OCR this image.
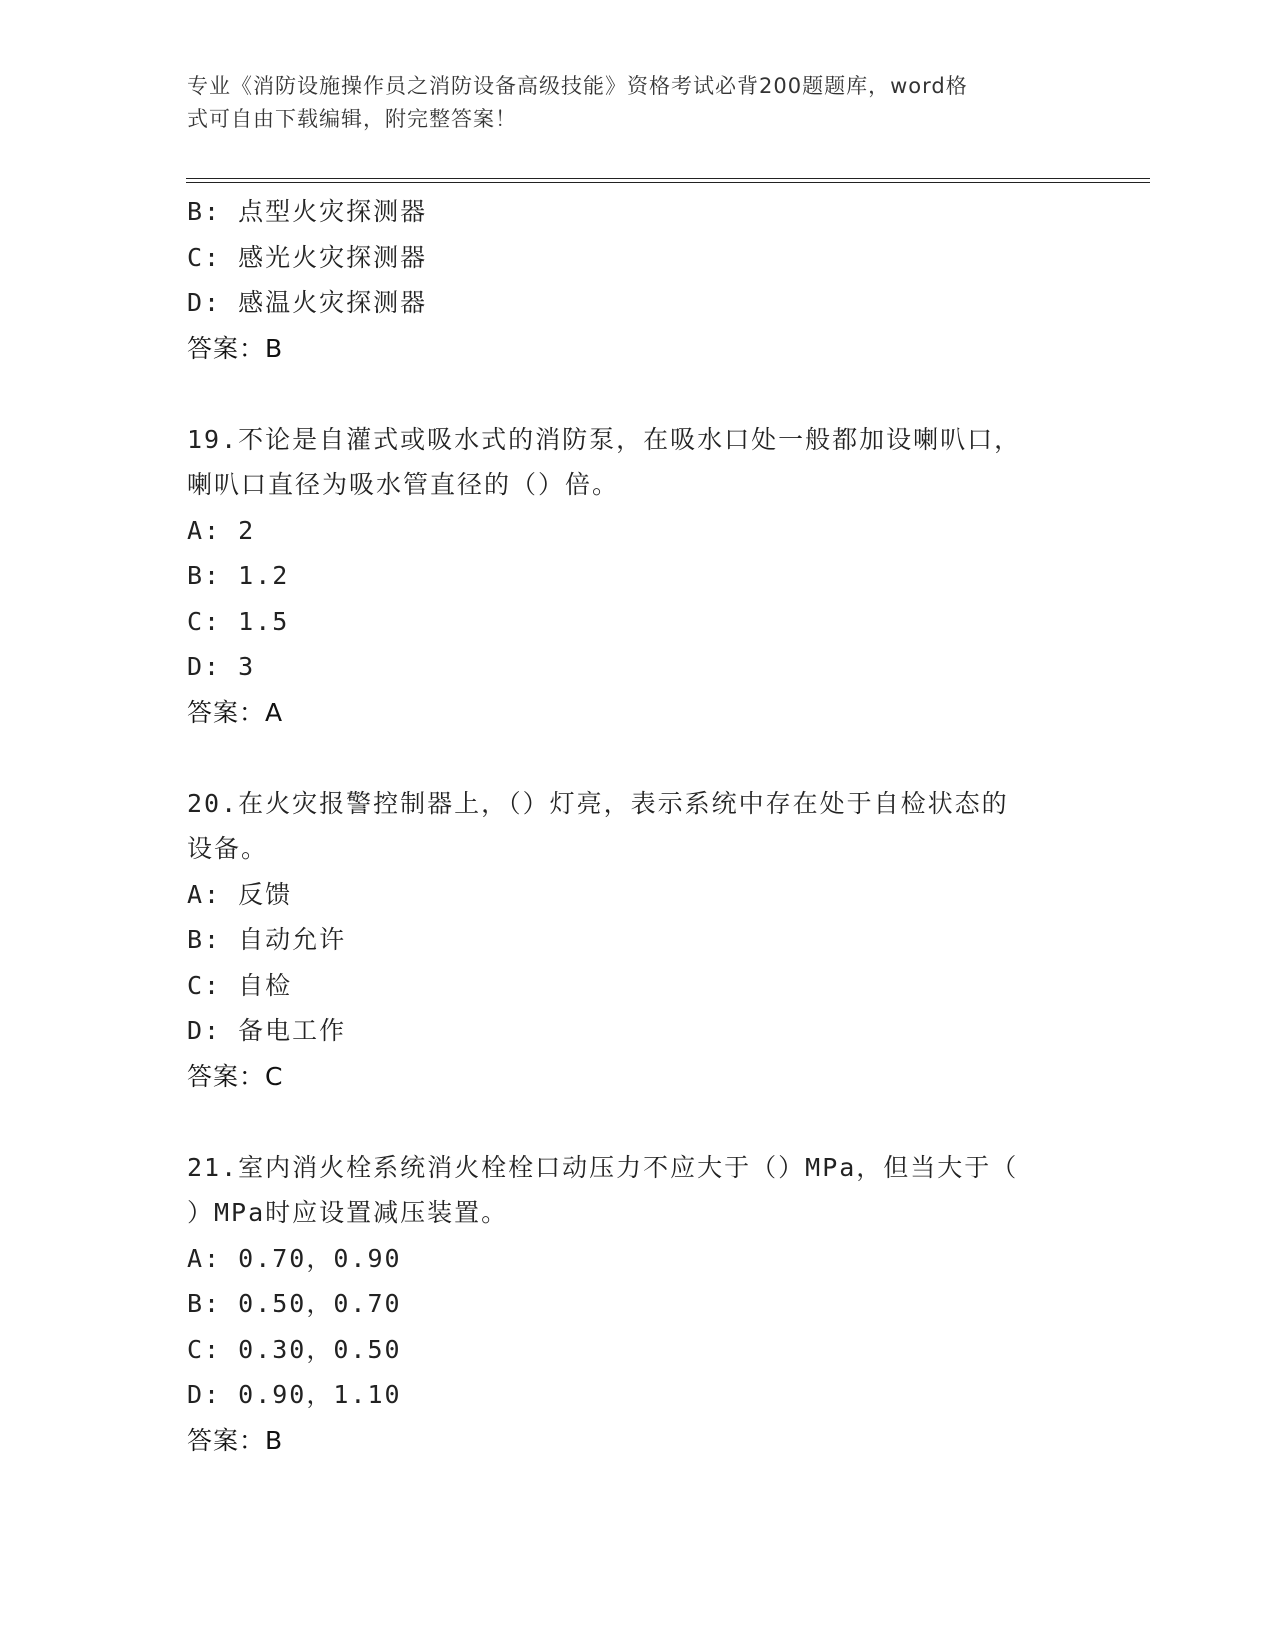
专业《消防设施操作员之消防设备高级技能》资格考试必背200题题库，word格
式可自由下载编辑，附完整答案！
B: 点型火灾探测器
C: 感光火灾探测器
D: 感温火灾探测器
答案：B
19.不论是自灌式或吸水式的消防泵，在吸水口处一般都加设喇叭口，
喇叭口直径为吸水管直径的（）倍。
A: 2
B: 1.2
C: 1.5
D: 3
答案：A
20.在火灾报警控制器上，（）灯亮，表示系统中存在处于自检状态的
设备。
A: 反馈
B: 自动允许
C: 自检
D: 备电工作
答案：C
21.室内消火栓系统消火栓栓口动压力不应大于（）MPa，但当大于（
）MPa时应设置减压装置。
A: 0.70，0.90
B: 0.50，0.70
C: 0.30，0.50
D: 0.90，1.10
答案：B
